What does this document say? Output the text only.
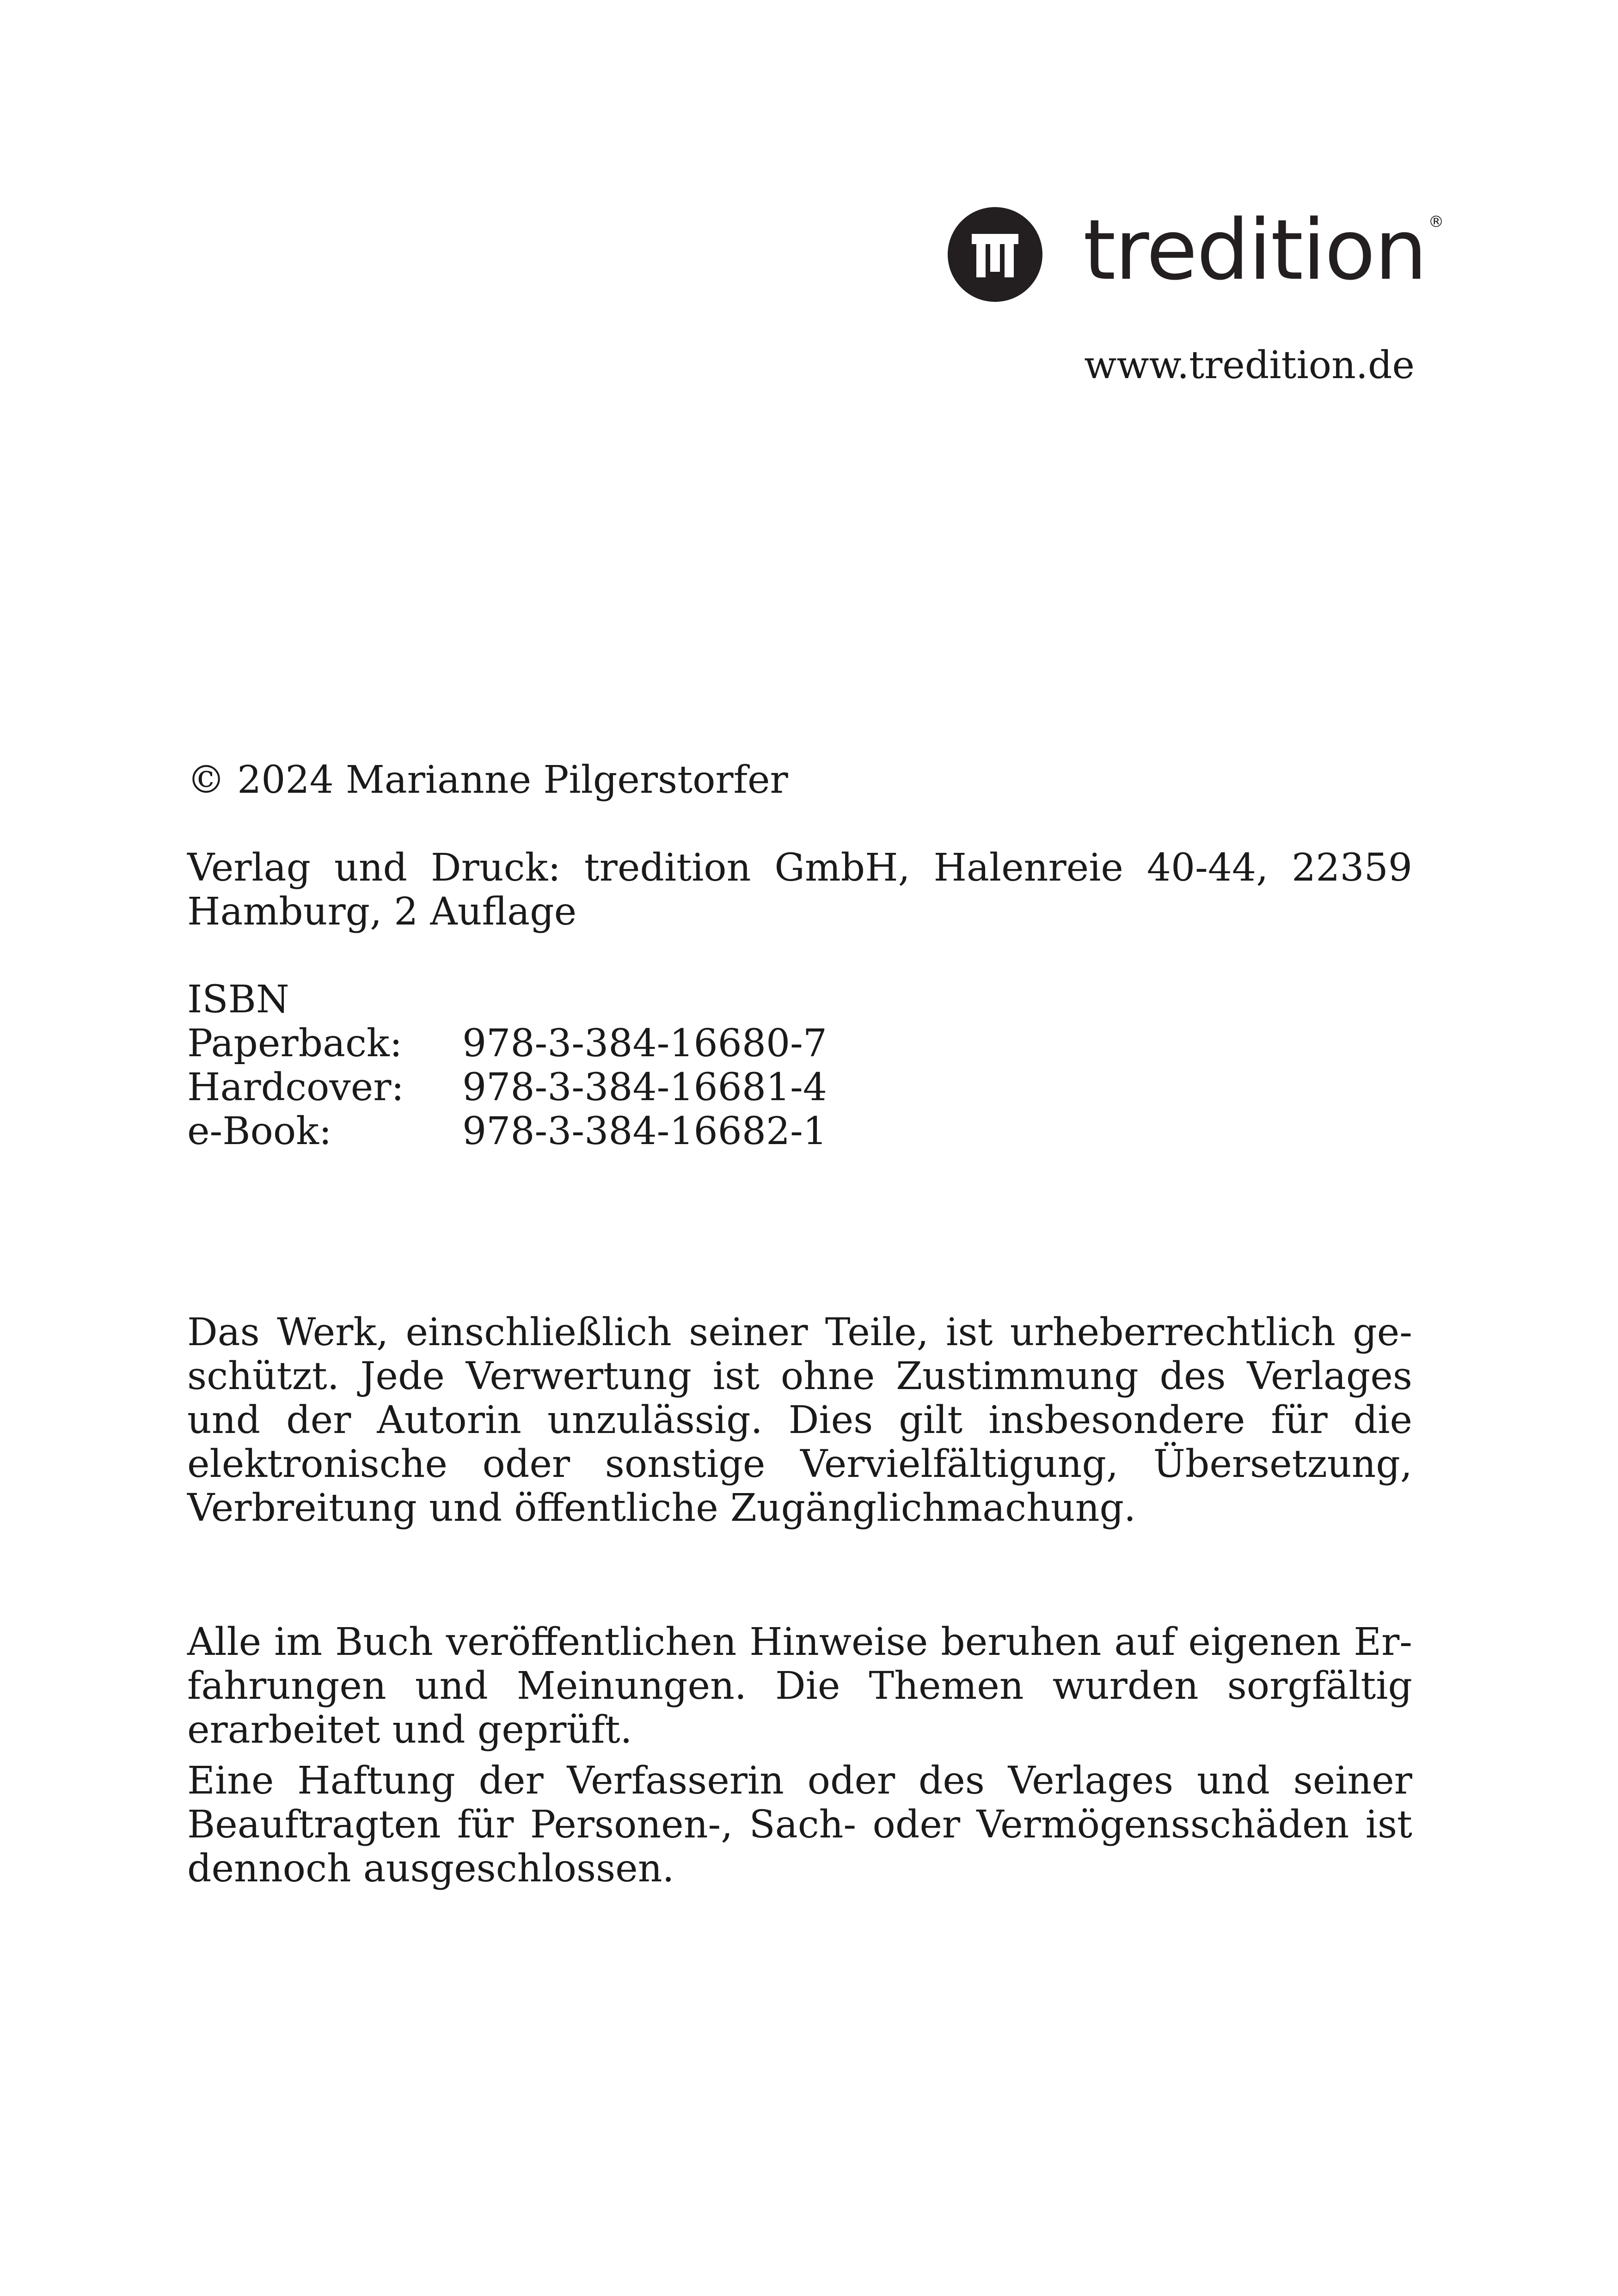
tredition ®
www.tredition.de

© 2024 Marianne Pilgerstorfer

Verlag und Druck: tredition GmbH, Halenreie 40-44, 22359 Hamburg, 2 Auflage

ISBN
Paperback:	978-3-384-16680-7
Hardcover:	978-3-384-16681-4
e-Book:	978-3-384-16682-1

Das Werk, einschließlich seiner Teile, ist urheberrechtlich geschützt. Jede Verwertung ist ohne Zustimmung des Verlages und der Autorin unzulässig. Dies gilt insbesondere für die elektronische oder sonstige Vervielfältigung, Übersetzung, Verbreitung und öffentliche Zugänglichmachung.

Alle im Buch veröffentlichen Hinweise beruhen auf eigenen Erfahrungen und Meinungen. Die Themen wurden sorgfältig erarbeitet und geprüft.

Eine Haftung der Verfasserin oder des Verlages und seiner Beauftragten für Personen-, Sach- oder Vermögensschäden ist dennoch ausgeschlossen.
